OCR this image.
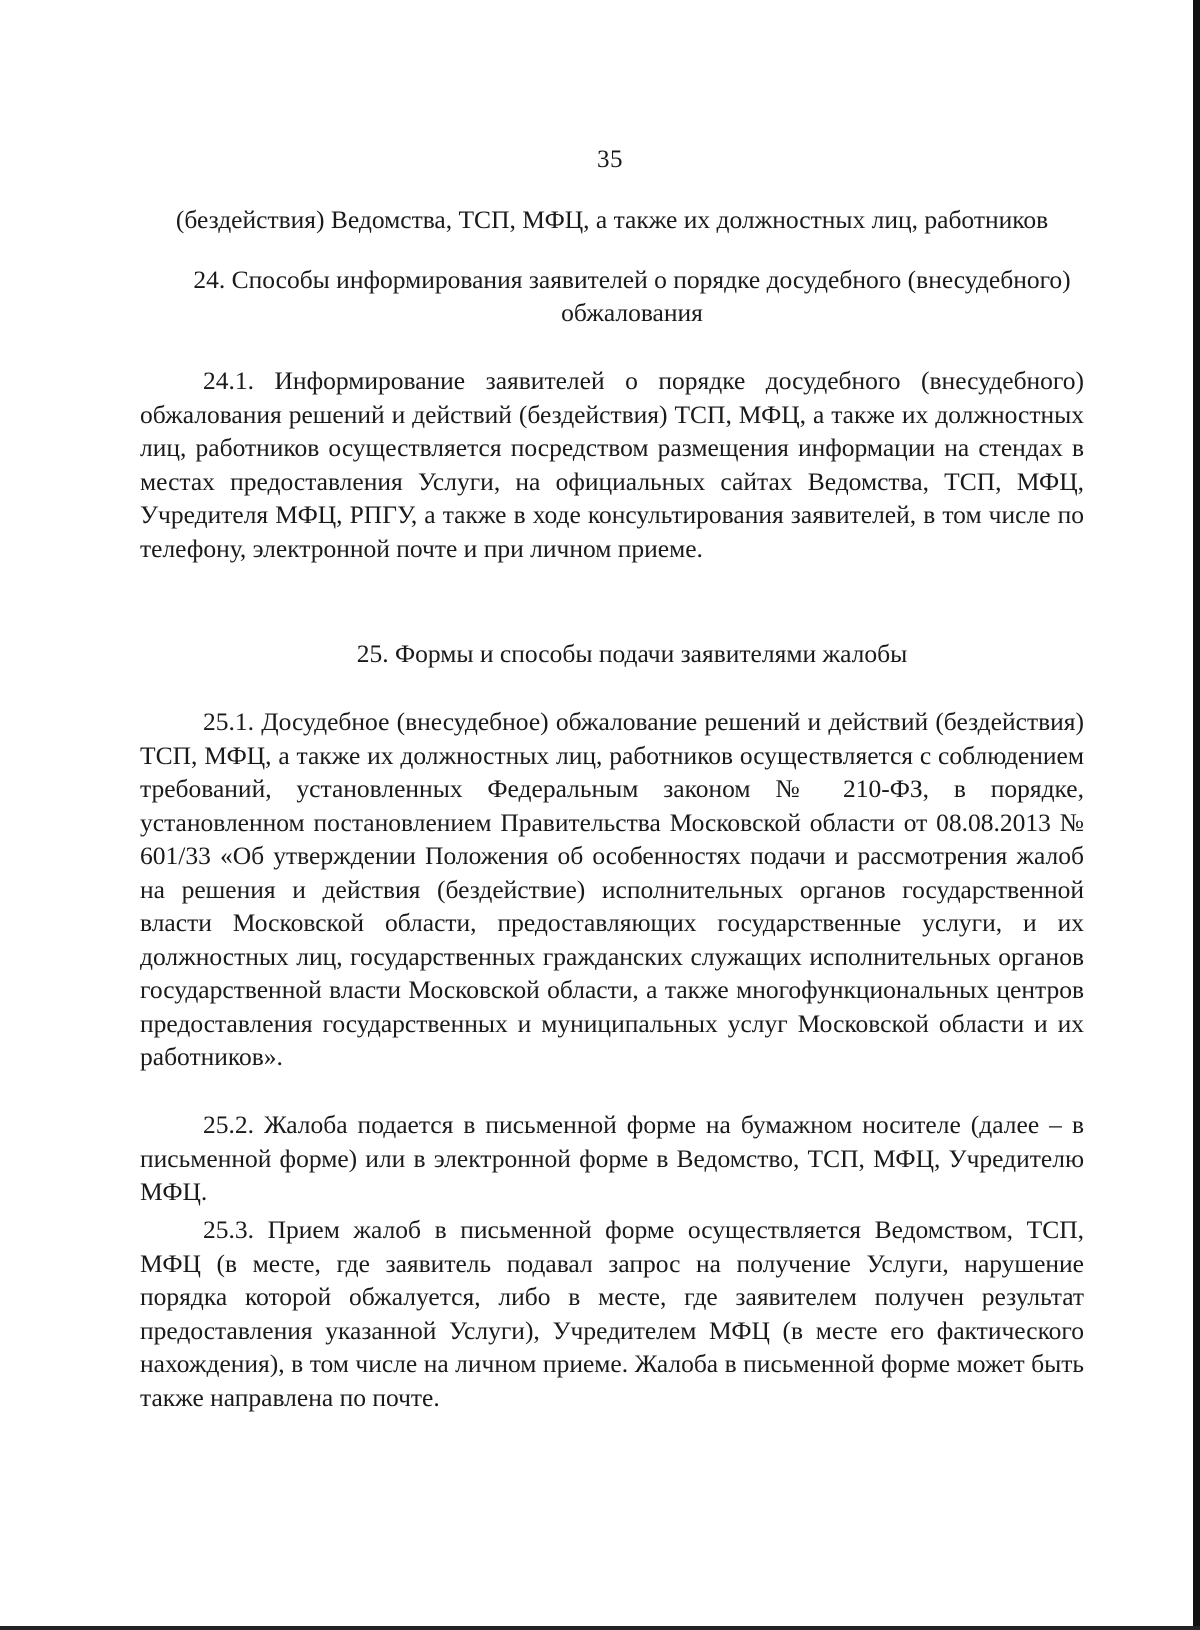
35
(бездействия) Ведомства, ТСП, МФЦ, а также их должностных лиц, работников
24. Способы информирования заявителей о порядке досудебного (внесудебного) обжалования

24.1. Информирование заявителей о порядке досудебного (внесудебного) обжалования решений и действий (бездействия) ТСП, МФЦ, а также их должностных лиц, работников осуществляется посредством размещения информации на стендах в местах предоставления Услуги, на официальных сайтах Ведомства, ТСП, МФЦ, Учредителя МФЦ, РПГУ, а также в ходе консультирования заявителей, в том числе по телефону, электронной почте и при личном приеме.

25. Формы и способы подачи заявителями жалобы

25.1. Досудебное (внесудебное) обжалование решений и действий (бездействия) ТСП, МФЦ, а также их должностных лиц, работников осуществляется с соблюдением требований, установленных Федеральным законом № 210-ФЗ, в порядке, установленном постановлением Правительства Московской области от 08.08.2013 № 601/33 «Об утверждении Положения об особенностях подачи и рассмотрения жалоб на решения и действия (бездействие) исполнительных органов государственной власти Московской области, предоставляющих государственные услуги, и их должностных лиц, государственных гражданских служащих исполнительных органов государственной власти Московской области, а также многофункциональных центров предоставления государственных и муниципальных услуг Московской области и их работников».

25.2. Жалоба подается в письменной форме на бумажном носителе (далее – в письменной форме) или в электронной форме в Ведомство, ТСП, МФЦ, Учредителю МФЦ.

25.3. Прием жалоб в письменной форме осуществляется Ведомством, ТСП, МФЦ (в месте, где заявитель подавал запрос на получение Услуги, нарушение порядка которой обжалуется, либо в месте, где заявителем получен результат предоставления указанной Услуги), Учредителем МФЦ (в месте его фактического нахождения), в том числе на личном приеме. Жалоба в письменной форме может быть также направлена по почте.
